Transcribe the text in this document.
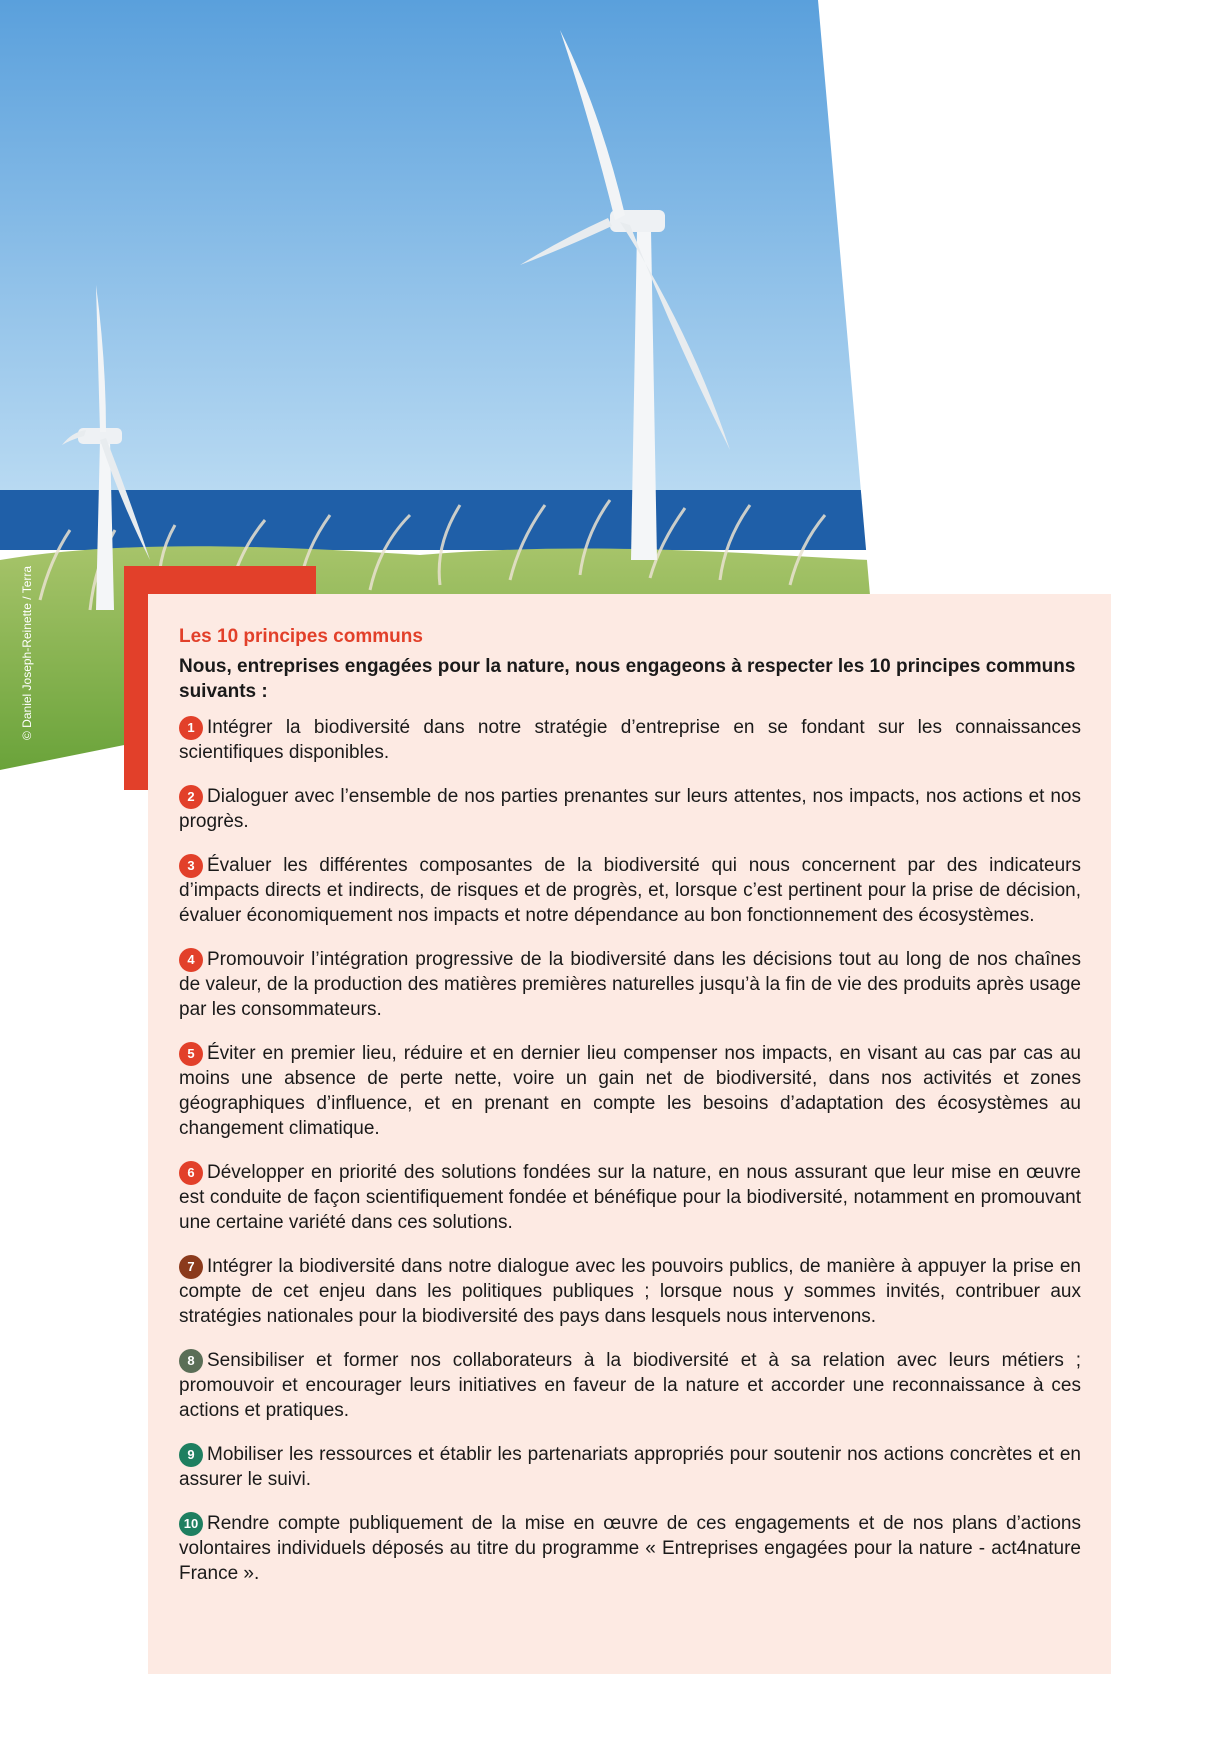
© Daniel Joseph-Reinette / Terra	Les 10 principes communs
Nous, entreprises engagées pour la nature, nous engageons à respecter les 10 principes communs suivants :

1 Intégrer la biodiversité dans notre stratégie d’entreprise en se fondant sur les connaissances scientifiques disponibles.

2 Dialoguer avec l’ensemble de nos parties prenantes sur leurs attentes, nos impacts, nos actions et nos progrès.

3 Évaluer les différentes composantes de la biodiversité qui nous concernent par des indicateurs d’impacts directs et indirects, de risques et de progrès, et, lorsque c’est pertinent pour la prise de décision, évaluer économiquement nos impacts et notre dépendance au bon fonctionnement des écosystèmes.

4 Promouvoir l’intégration progressive de la biodiversité dans les décisions tout au long de nos chaînes de valeur, de la production des matières premières naturelles jusqu’à la fin de vie des produits après usage par les consommateurs.

5 Éviter en premier lieu, réduire et en dernier lieu compenser nos impacts, en visant au cas par cas au moins une absence de perte nette, voire un gain net de biodiversité, dans nos activités et zones géographiques d’influence, et en prenant en compte les besoins d’adaptation des écosystèmes au changement climatique.

6 Développer en priorité des solutions fondées sur la nature, en nous assurant que leur mise en œuvre est conduite de façon scientifiquement fondée et bénéfique pour la biodiversité, notamment en promouvant une certaine variété dans ces solutions.

7 Intégrer la biodiversité dans notre dialogue avec les pouvoirs publics, de manière à appuyer la prise en compte de cet enjeu dans les politiques publiques ; lorsque nous y sommes invités, contribuer aux stratégies nationales pour la biodiversité des pays dans lesquels nous intervenons.

8 Sensibiliser et former nos collaborateurs à la biodiversité et à sa relation avec leurs métiers ; promouvoir et encourager leurs initiatives en faveur de la nature et accorder une reconnaissance à ces actions et pratiques.

9 Mobiliser les ressources et établir les partenariats appropriés pour soutenir nos actions concrètes et en assurer le suivi.

10 Rendre compte publiquement de la mise en œuvre de ces engagements et de nos plans d’actions volontaires individuels déposés au titre du programme « Entreprises engagées pour la nature - act4nature France ».
